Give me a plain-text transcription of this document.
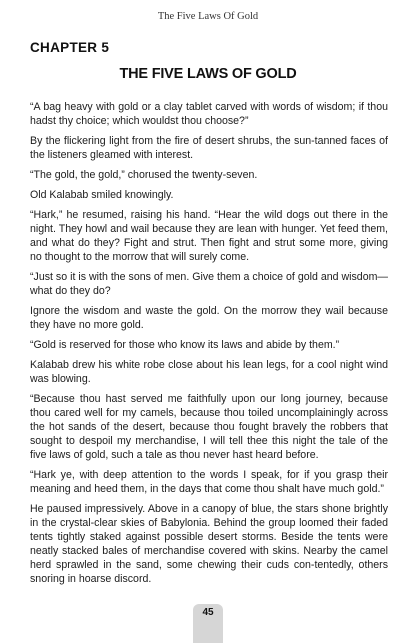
The Five Laws Of Gold
CHAPTER 5
THE FIVE LAWS OF GOLD

“A bag heavy with gold or a clay tablet carved with words of wisdom; if thou hadst thy choice; which wouldst thou choose?”

By the flickering light from the fire of desert shrubs, the sun-tanned faces of the listeners gleamed with interest.

“The gold, the gold,” chorused the twenty-seven.

Old Kalabab smiled knowingly.

“Hark,” he resumed, raising his hand. “Hear the wild dogs out there in the night. They howl and wail because they are lean with hunger. Yet feed them, and what do they? Fight and strut. Then fight and strut some more, giving no thought to the morrow that will surely come.

“Just so it is with the sons of men. Give them a choice of gold and wisdom—what do they do?

Ignore the wisdom and waste the gold. On the morrow they wail because they have no more gold.

“Gold is reserved for those who know its laws and abide by them.”

Kalabab drew his white robe close about his lean legs, for a cool night wind was blowing.

“Because thou hast served me faithfully upon our long journey, because thou cared well for my camels, because thou toiled uncomplainingly across the hot sands of the desert, because thou fought bravely the robbers that sought to despoil my merchandise, I will tell thee this night the tale of the five laws of gold, such a tale as thou never hast heard before.

“Hark ye, with deep attention to the words I speak, for if you grasp their meaning and heed them, in the days that come thou shalt have much gold.”

He paused impressively. Above in a canopy of blue, the stars shone brightly in the crystal-clear skies of Babylonia. Behind the group loomed their faded tents tightly staked against possible desert storms. Beside the tents were neatly stacked bales of merchandise covered with skins. Nearby the camel herd sprawled in the sand, some chewing their cuds con-tentedly, others snoring in hoarse discord.

45
